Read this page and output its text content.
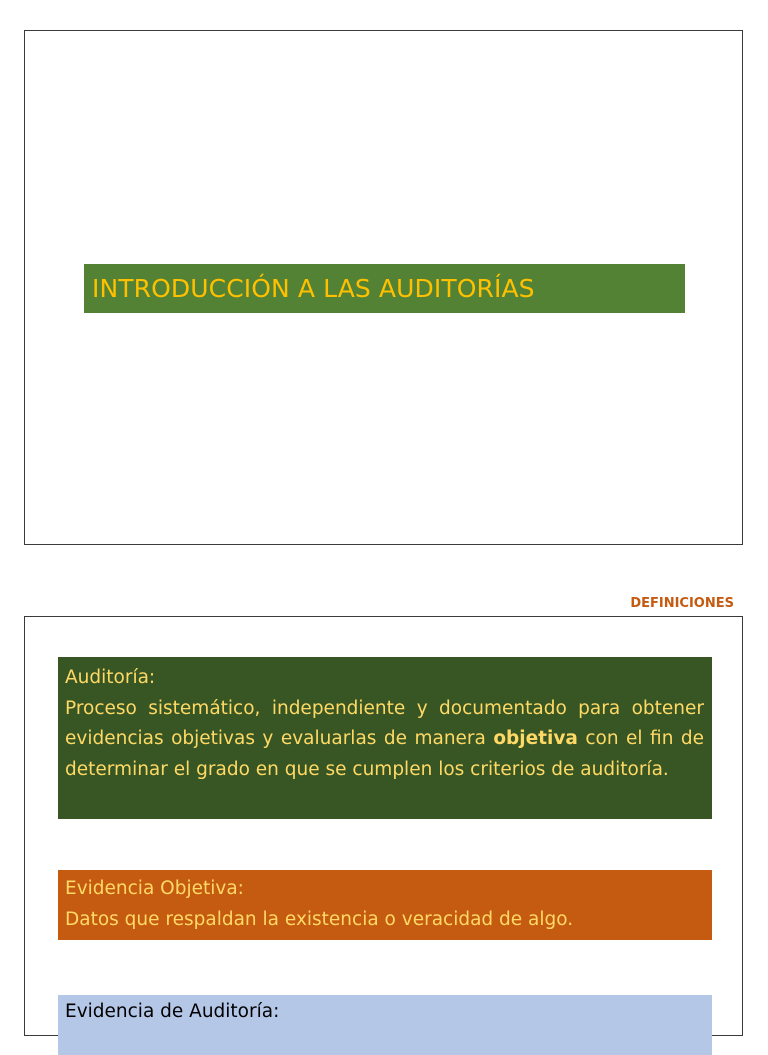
INTRODUCCIÓN A LAS AUDITORÍAS
DEFINICIONES
Auditoría:
Proceso sistemático, independiente y documentado para obtener evidencias objetivas y evaluarlas de manera objetiva con el fin de determinar el grado en que se cumplen los criterios de auditoría.
Evidencia Objetiva:
Datos que respaldan la existencia o veracidad de algo.
Evidencia de Auditoría:
